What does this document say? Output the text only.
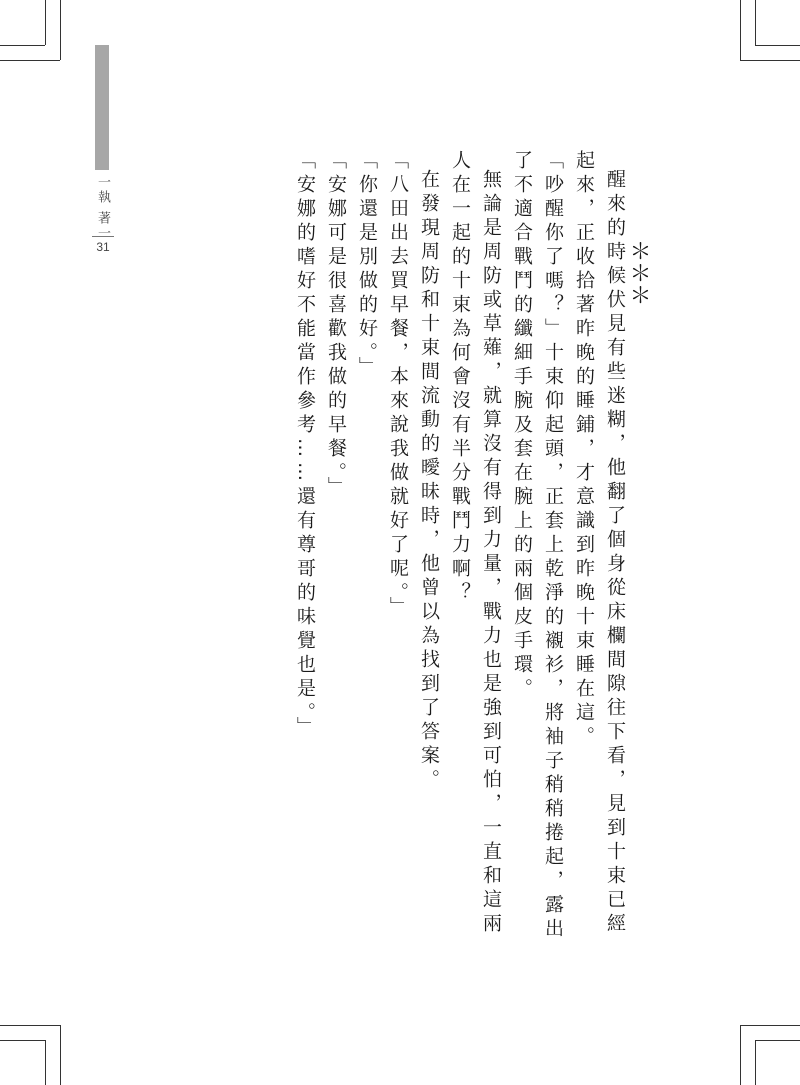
一執 著一
31	＊＊＊

醒來的時候伏見有些迷糊，他翻了個身從床欄間隙往下看，見到十束已經起來，正收拾著昨晚的睡鋪，才意識到昨晚十束睡在這。

「吵醒你了嗎？」十束仰起頭，正套上乾淨的襯衫，將袖子稍稍捲起，露出了不適合戰鬥的纖細手腕及套在腕上的兩個皮手環。

無論是周防或草薙，就算沒有得到力量，戰力也是強到可怕，一直和這兩人在一起的十束為何會沒有半分戰鬥力啊？

在發現周防和十束間流動的曖昧時，他曾以為找到了答案。

「八田出去買早餐，本來說我做就好了呢。」

「你還是別做的好。」

「安娜可是很喜歡我做的早餐。」

「安娜的嗜好不能當作參考……還有尊哥的味覺也是。」
